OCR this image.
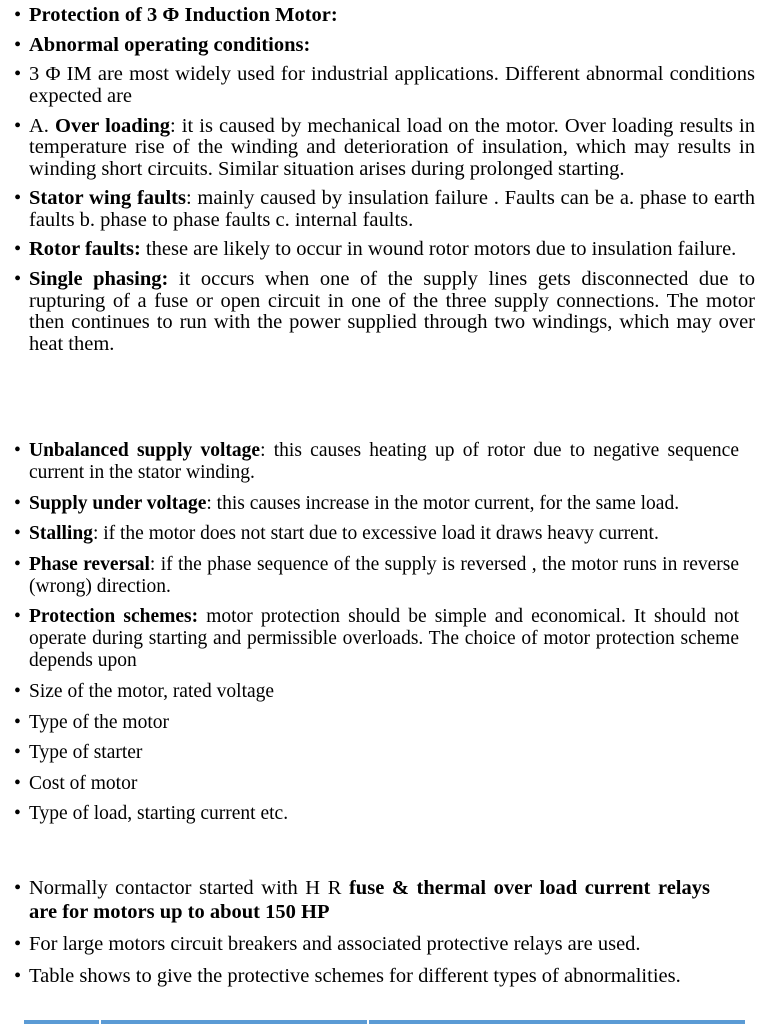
• Protection of 3 Φ Induction Motor:
• Abnormal operating conditions:
• 3 Φ IM are most widely used for industrial applications. Different abnormal conditions expected are
• A. Over loading: it is caused by mechanical load on the motor. Over loading results in temperature rise of the winding and deterioration of insulation, which may results in winding short circuits. Similar situation arises during prolonged starting.
• Stator wing faults: mainly caused by insulation failure . Faults can be a. phase to earth faults b. phase to phase faults c. internal faults.
• Rotor faults: these are likely to occur in wound rotor motors due to insulation failure.
• Single phasing: it occurs when one of the supply lines gets disconnected due to rupturing of a fuse or open circuit in one of the three supply connections. The motor then continues to run with the power supplied through two windings, which may over heat them.
• Unbalanced supply voltage: this causes heating up of rotor due to negative sequence current in the stator winding.
• Supply under voltage: this causes increase in the motor current, for the same load.
• Stalling: if the motor does not start due to excessive load it draws heavy current.
• Phase reversal: if the phase sequence of the supply is reversed , the motor runs in reverse (wrong) direction.
• Protection schemes: motor protection should be simple and economical. It should not operate during starting and permissible overloads. The choice of motor protection scheme depends upon
• Size of the motor, rated voltage
• Type of the motor
• Type of starter
• Cost of motor
• Type of load, starting current etc.
• Normally contactor started with H R fuse & thermal over load current relays are for motors up to about 150 HP
• For large motors circuit breakers and associated protective relays are used.
• Table shows to give the protective schemes for different types of abnormalities.
